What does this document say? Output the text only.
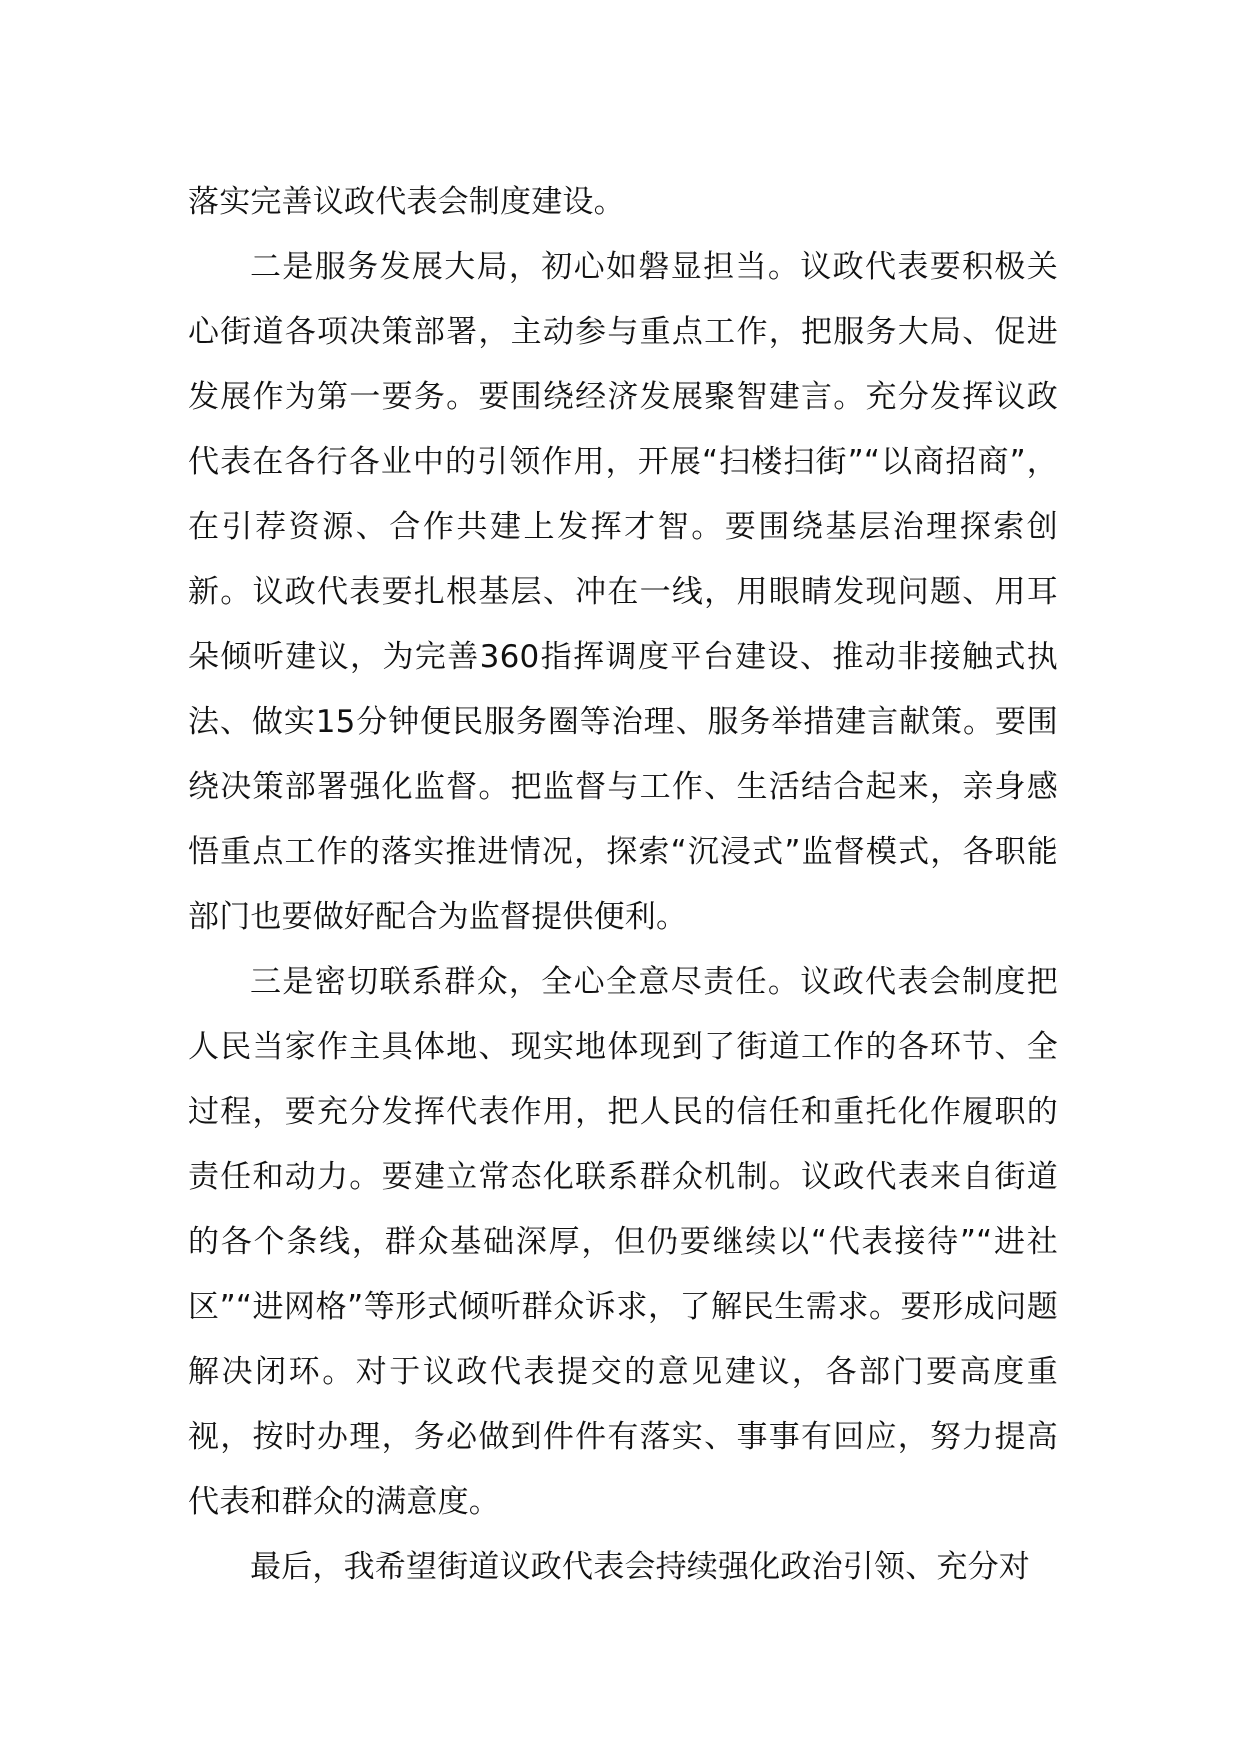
落实完善议政代表会制度建设。

二是服务发展大局，初心如磐显担当。议政代表要积极关心街道各项决策部署，主动参与重点工作，把服务大局、促进发展作为第一要务。要围绕经济发展聚智建言。充分发挥议政代表在各行各业中的引领作用，开展“扫楼扫街”“以商招商”，在引荐资源、合作共建上发挥才智。要围绕基层治理探索创新。议政代表要扎根基层、冲在一线，用眼睛发现问题、用耳朵倾听建议，为完善360指挥调度平台建设、推动非接触式执法、做实15分钟便民服务圈等治理、服务举措建言献策。要围绕决策部署强化监督。把监督与工作、生活结合起来，亲身感悟重点工作的落实推进情况，探索“沉浸式”监督模式，各职能部门也要做好配合为监督提供便利。

三是密切联系群众，全心全意尽责任。议政代表会制度把人民当家作主具体地、现实地体现到了街道工作的各环节、全过程，要充分发挥代表作用，把人民的信任和重托化作履职的责任和动力。要建立常态化联系群众机制。议政代表来自街道的各个条线，群众基础深厚，但仍要继续以“代表接待”“进社区”“进网格”等形式倾听群众诉求，了解民生需求。要形成问题解决闭环。对于议政代表提交的意见建议，各部门要高度重视，按时办理，务必做到件件有落实、事事有回应，努力提高代表和群众的满意度。

最后，我希望街道议政代表会持续强化政治引领、充分对
